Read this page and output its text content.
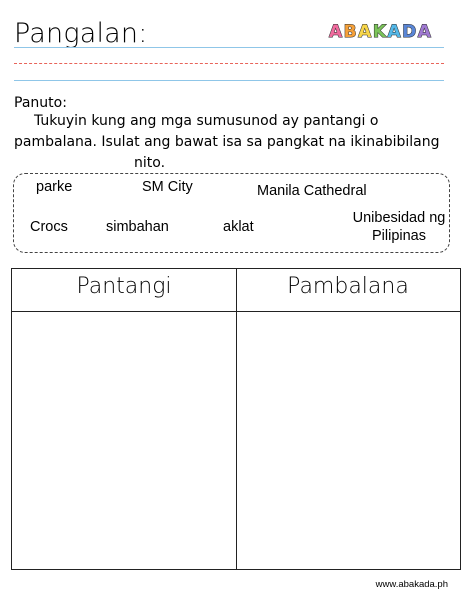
Pangalan:	A B A K A D A
Panuto:
Tukuyin kung ang mga sumusunod ay pantangi o
pambalana. Isulat ang bawat isa sa pangkat na ikinabibilang
nito.
parke	SM City	Manila Cathedral
Crocs	simbahan	aklat
Unibesidad ng
Pilipinas
Pantangi	Pambalana
www.abakada.ph
